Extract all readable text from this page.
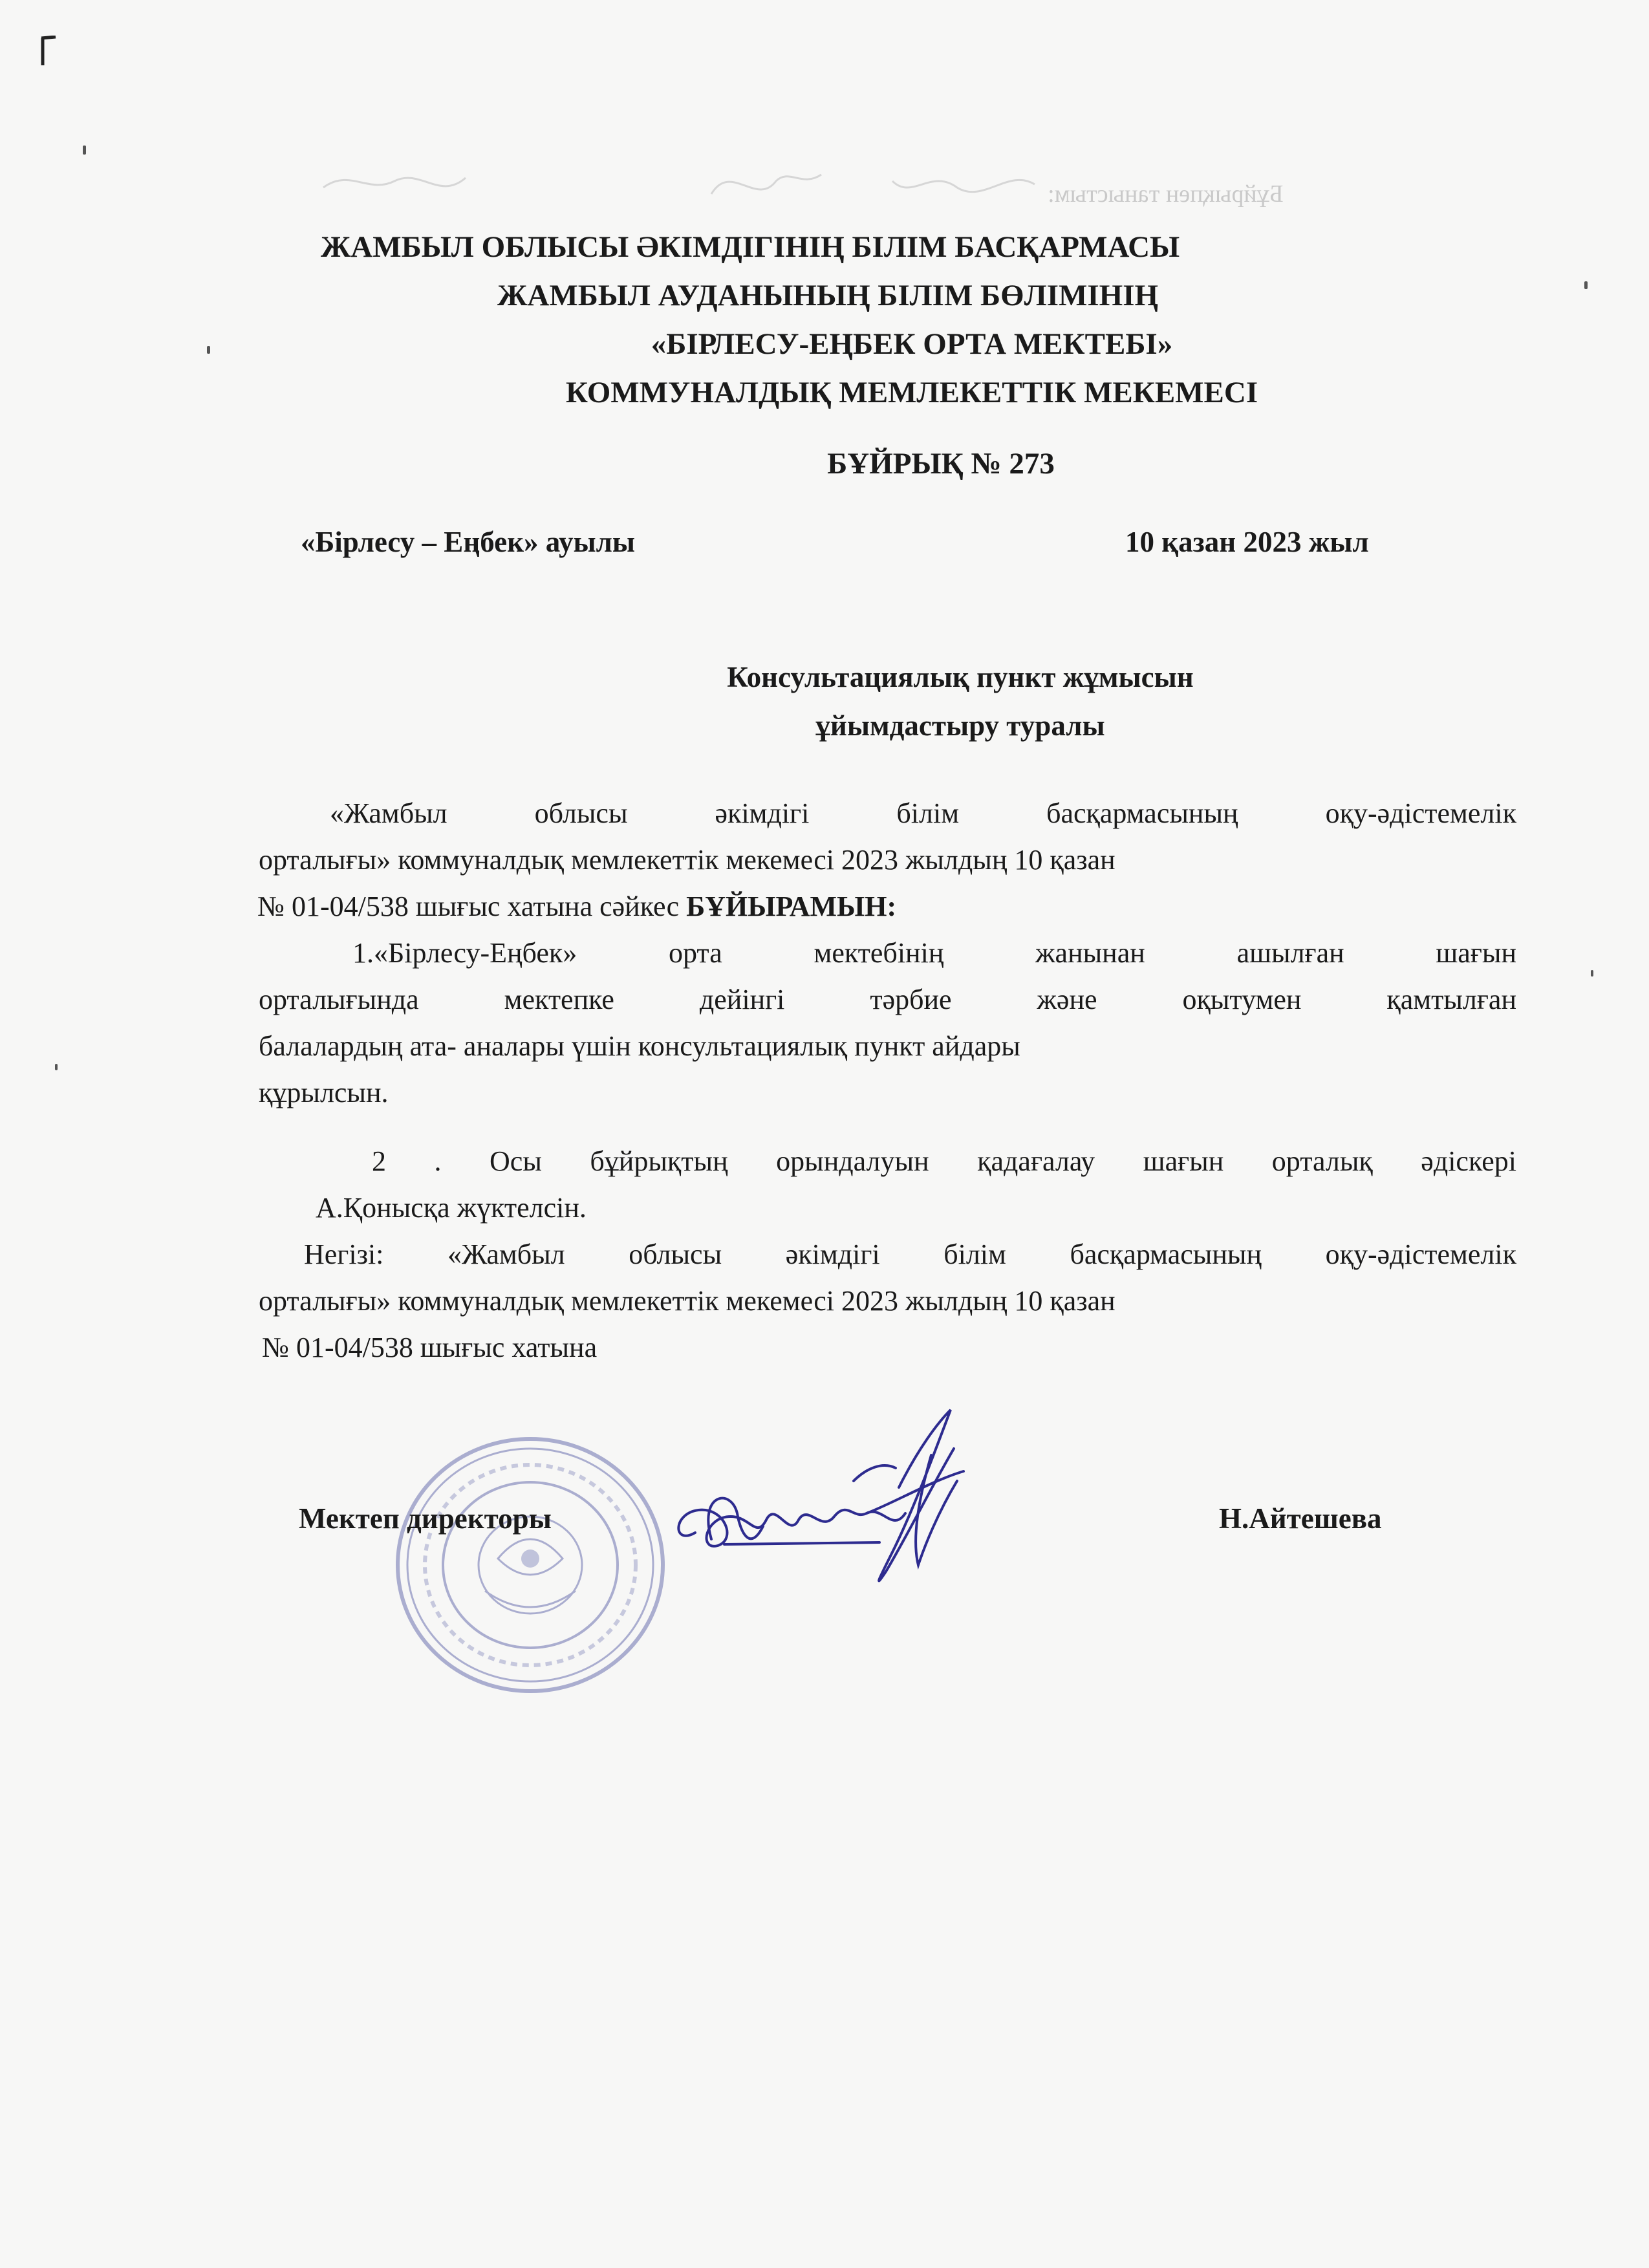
Бұйрықпен таныстым:
ЖАМБЫЛ ОБЛЫСЫ ӘКІМДІГІНІҢ БІЛІМ БАСҚАРМАСЫ
ЖАМБЫЛ АУДАНЫНЫҢ БІЛІМ БӨЛІМІНІҢ
«БІРЛЕСУ-ЕҢБЕК ОРТА МЕКТЕБІ»
КОММУНАЛДЫҚ МЕМЛЕКЕТТІК МЕКЕМЕСІ
БҰЙРЫҚ № 273
«Бірлесу – Еңбек» ауылы	10 қазан 2023 жыл
Консультациялық пункт жұмысын
ұйымдастыру туралы
«Жамбыл облысы әкімдігі білім басқармасының оқу-әдістемелік
орталығы» коммуналдық мемлекеттік мекемесі 2023 жылдың 10 қазан
№ 01-04/538 шығыс хатына сәйкес БҰЙЫРАМЫН:
1.«Бірлесу-Еңбек» орта мектебінің жанынан ашылған шағын
орталығында мектепке дейінгі тәрбие және оқытумен қамтылған
балалардың ата- аналары үшін консультациялық пункт айдары
құрылсын.
2 . Осы бұйрықтың орындалуын қадағалау шағын орталық әдіскері
А.Қонысқа жүктелсін.
Негізі: «Жамбыл облысы әкімдігі білім басқармасының оқу-әдістемелік
орталығы» коммуналдық мемлекеттік мекемесі 2023 жылдың 10 қазан
№ 01-04/538 шығыс хатына
Мектеп директоры	Н.Айтешева
